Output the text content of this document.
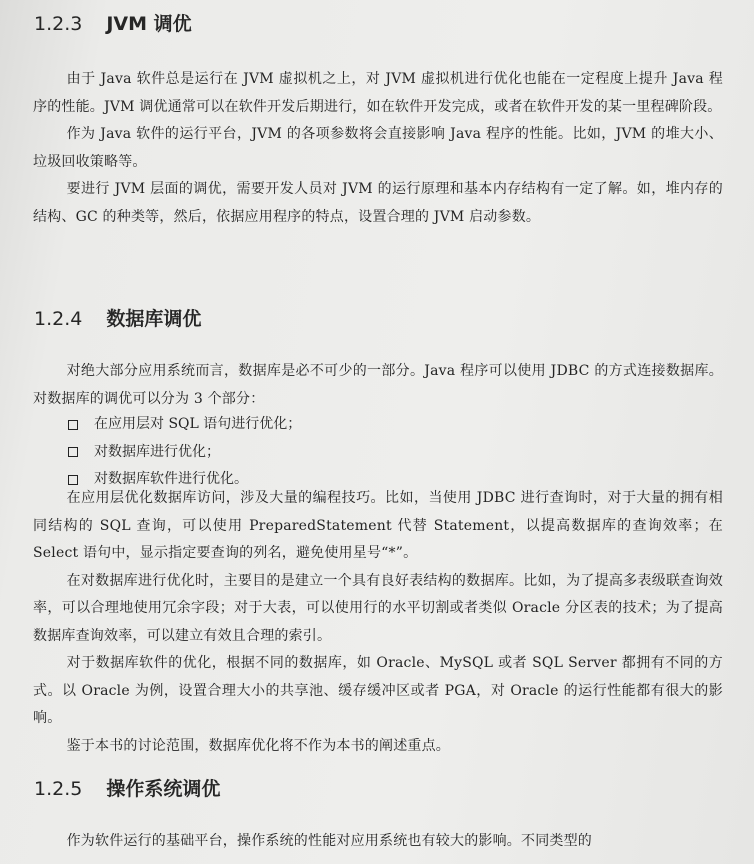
1.2.3 JVM 调优

由于 Java 软件总是运行在 JVM 虚拟机之上，对 JVM 虚拟机进行优化也能在一定程度上提升 Java 程序的性能。JVM 调优通常可以在软件开发后期进行，如在软件开发完成，或者在软件开发的某一里程碑阶段。

作为 Java 软件的运行平台，JVM 的各项参数将会直接影响 Java 程序的性能。比如，JVM 的堆大小、垃圾回收策略等。

要进行 JVM 层面的调优，需要开发人员对 JVM 的运行原理和基本内存结构有一定了解。如，堆内存的结构、GC 的种类等，然后，依据应用程序的特点，设置合理的 JVM 启动参数。

1.2.4 数据库调优

对绝大部分应用系统而言，数据库是必不可少的一部分。Java 程序可以使用 JDBC 的方式连接数据库。对数据库的调优可以分为 3 个部分：

在应用层对 SQL 语句进行优化；
对数据库进行优化；
对数据库软件进行优化。

在应用层优化数据库访问，涉及大量的编程技巧。比如，当使用 JDBC 进行查询时，对于大量的拥有相同结构的 SQL 查询，可以使用 PreparedStatement 代替 Statement，以提高数据库的查询效率；在 Select 语句中，显示指定要查询的列名，避免使用星号“*”。

在对数据库进行优化时，主要目的是建立一个具有良好表结构的数据库。比如，为了提高多表级联查询效率，可以合理地使用冗余字段；对于大表，可以使用行的水平切割或者类似 Oracle 分区表的技术；为了提高数据库查询效率，可以建立有效且合理的索引。

对于数据库软件的优化，根据不同的数据库，如 Oracle、MySQL 或者 SQL Server 都拥有不同的方式。以 Oracle 为例，设置合理大小的共享池、缓存缓冲区或者 PGA，对 Oracle 的运行性能都有很大的影响。

鉴于本书的讨论范围，数据库优化将不作为本书的阐述重点。

1.2.5 操作系统调优

作为软件运行的基础平台，操作系统的性能对应用系统也有较大的影响。不同类型的
